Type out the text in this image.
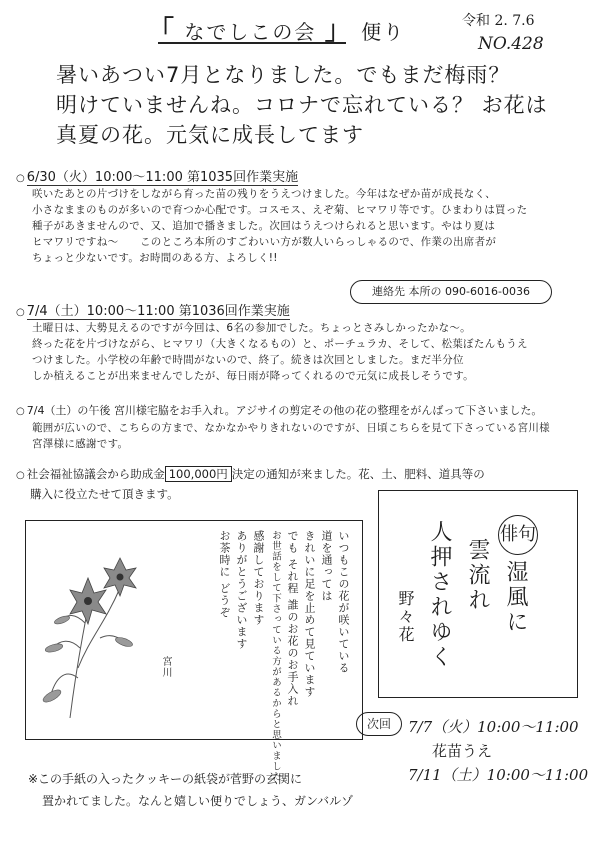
「 なでしこの会 」 便り	令和 2. 7.6
NO.428
暑いあつい7月となりました。でもまだ梅雨？
明けていませんね。コロナで忘れている？ お花は
真夏の花。元気に成長してます
○ 6/30（火）10:00〜11:00 第1035回作業実施
咲いたあとの片づけをしながら育った苗の残りをうえつけました。今年はなぜか苗が成長なく、
小さなままのものが多いので育つか心配です。コスモス、えぞ菊、ヒマワリ等です。ひまわりは買った
種子があきませんので、又、追加で播きました。次回はうえつけられると思います。やはり夏は
ヒマワリですね〜　　このところ本所のすごわいい方が数人いらっしゃるので、作業の出席者が
ちょっと少ないです。お時間のある方、よろしく!!
連絡先 本所の 090-6016-0036
○ 7/4（土）10:00〜11:00 第1036回作業実施
土曜日は、大勢見えるのですが今回は、6名の参加でした。ちょっとさみしかったかな〜。
終った花を片づけながら、ヒマワリ（大きくなるもの）と、ポーチュラカ、そして、松葉ぼたんもうえ
つけました。小学校の年齢で時間がないので、終了。続きは次回としました。まだ半分位
しか植えることが出来ませんでしたが、毎日雨が降ってくれるので元気に成長しそうです。
○ 7/4（土）の午後 宮川様宅脇をお手入れ。アジサイの剪定その他の花の整理をがんばって下さいました。
範囲が広いので、こちらの方まで、なかなかやりきれないのですが、日頃こちらを見て下さっている宮川様
宮澤様に感謝です。
○ 社会福祉協議会から助成金 100,000円 決定の通知が来ました。花、土、肥料、道具等の
購入に役立たせて頂きます。
いつもこの花が咲いている
道を通っては
きれいに足を止めて見ています
でも それ程 誰のお花のお手入れ
お世話をして下さっている方があるからと思いました
感謝しております
ありがとうございます
お茶時に どうぞ
宮川
俳句
湿風に
雲流れ
人押されゆく
野々花
次回	7/7（火）10:00〜11:00
花苗うえ
7/11（土）10:00〜11:00
※この手紙の入ったクッキーの紙袋が菅野の玄関に
置かれてました。なんと嬉しい便りでしょう、ガンバルゾ
